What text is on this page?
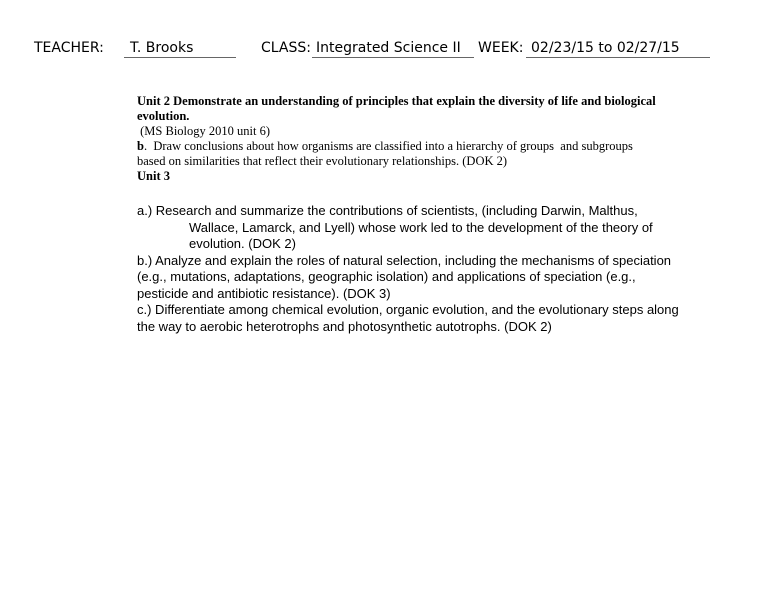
TEACHER: T. Brooks	CLASS: Integrated Science II WEEK: 02/23/15 to 02/27/15
Unit 2 Demonstrate an understanding of principles that explain the diversity of life and biological
evolution.
(MS Biology 2010 unit 6)
b.  Draw conclusions about how organisms are classified into a hierarchy of groups  and subgroups
based on similarities that reflect their evolutionary relationships. (DOK 2)
Unit 3
a.) Research and summarize the contributions of scientists, (including Darwin, Malthus,
Wallace, Lamarck, and Lyell) whose work led to the development of the theory of
evolution. (DOK 2)
b.) Analyze and explain the roles of natural selection, including the mechanisms of speciation
(e.g., mutations, adaptations, geographic isolation) and applications of speciation (e.g.,
pesticide and antibiotic resistance). (DOK 3)
c.) Differentiate among chemical evolution, organic evolution, and the evolutionary steps along
the way to aerobic heterotrophs and photosynthetic autotrophs. (DOK 2)
